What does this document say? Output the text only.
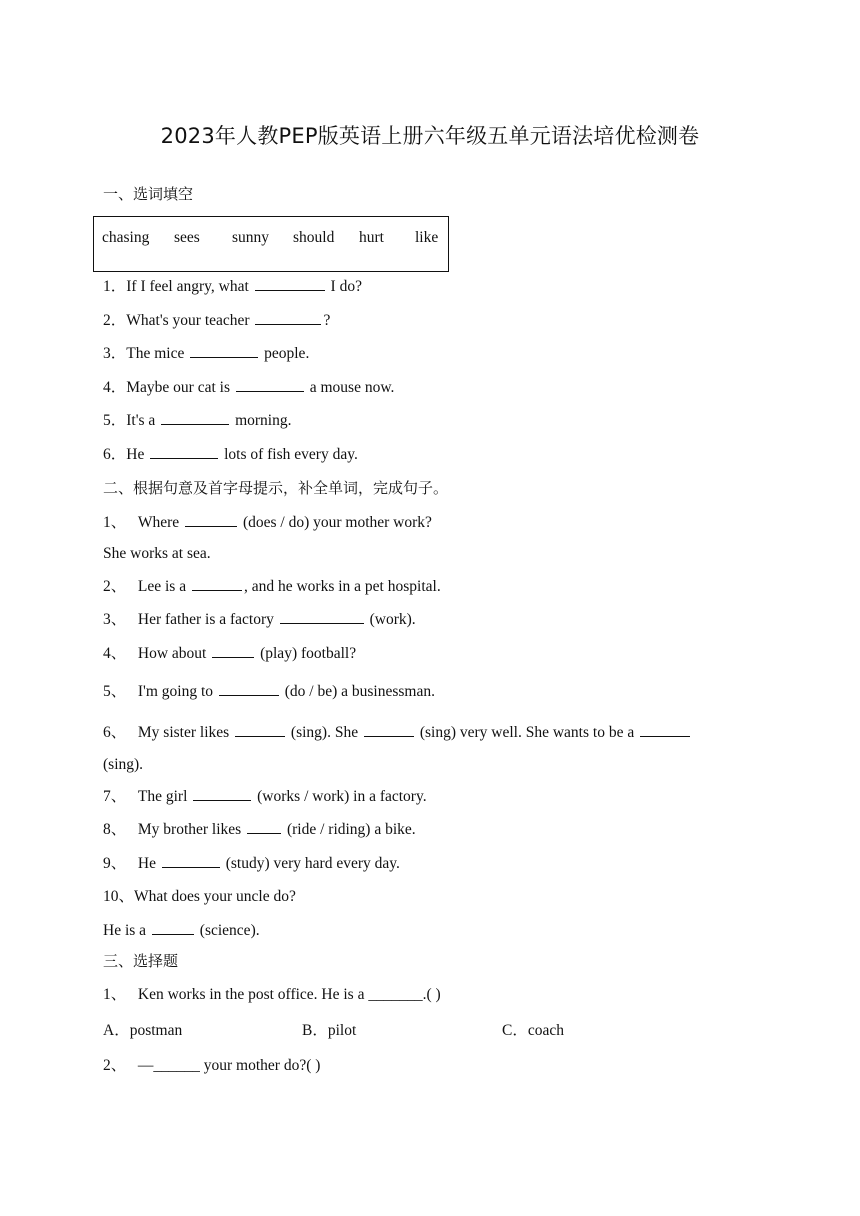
2023年人教PEP版英语上册六年级五单元语法培优检测卷
一、选词填空
chasing sees sunny should hurt like
1．If I feel angry, what	I do?
2．What's your teacher	?
3．The mice	people.
4．Maybe our cat is	a mouse now.
5．It's a	morning.
6．He	lots of fish every day.
二、根据句意及首字母提示，补全单词，完成句子。
1、 Where	(does / do) your mother work?
She works at sea.
2、 Lee is a	, and he works in a pet hospital.
3、 Her father is a factory	(work).
4、 How about	(play) football?
5、 I'm going to	(do / be) a businessman.
6、 My sister likes	(sing). She	(sing) very well. She wants to be a
(sing).
7、 The girl	(works / work) in a factory.
8、 My brother likes	(ride / riding) a bike.
9、 He	(study) very hard every day.
10、What does your uncle do?
He is a	(science).
三、选择题
1、 Ken works in the post office. He is a _______.( )
A．postman	B．pilot	C．coach
2、 —______ your mother do?( )
